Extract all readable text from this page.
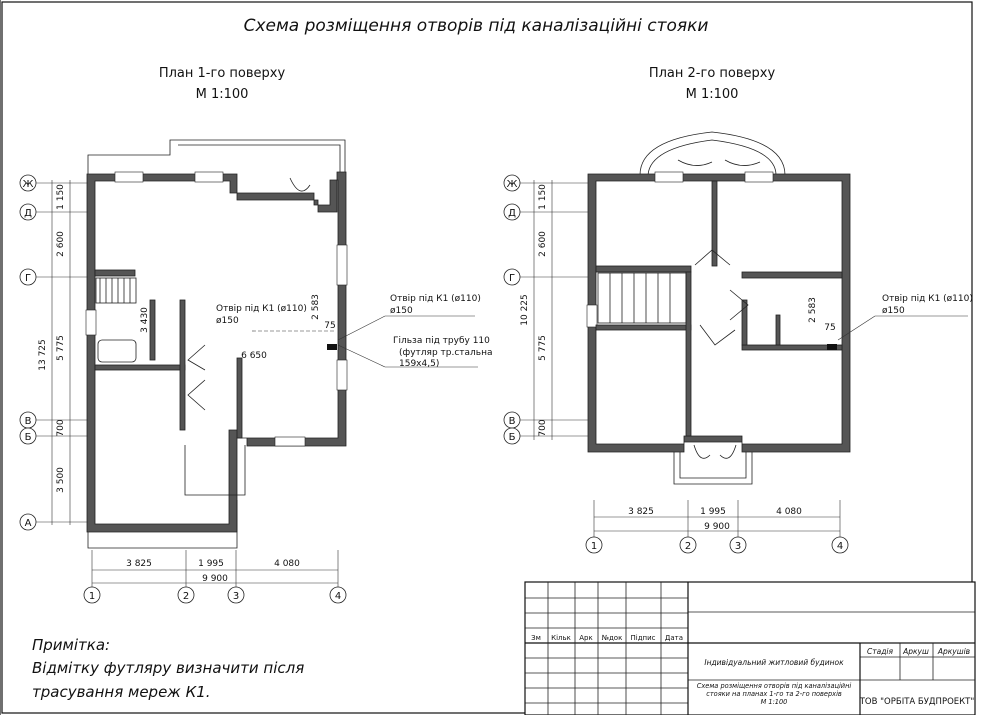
Схема розміщення отворів під каналізаційні стояки
План 1-го поверху
М 1:100
Ж
Д
Г
В
Б
А
1 150
2 600
5 775
700
3 500
13 725
3 430
2 583
75
6 650
3 825	1 995	4 080
9 900
1	2	3	4
Отвір під К1 (ø110)
ø150
Отвір під К1 (ø110)
ø150
Гільза під трубу 110
(футляр тр.стальна
159х4,5)
План 2-го поверху
М 1:100
Ж
Д
Г
В
Б
1 150
2 600
5 775
700
10 225	2 583
75
3 825	1 995	4 080
9 900
1	2	3	4
Отвір під К1 (ø110)
ø150
Примітка:
Відмітку футляру визначити після
трасування мереж К1.
Зм Кільк Арк №док Підпис Дата
Індивідуальний житловий будинок
Схема розміщення отворів під каналізаційні стояки на планах 1-го та 2-го поверхів
М 1:100
Стадія Аркуш Аркушів
ТОВ "ОРБІТА БУДПРОЕКТ"
